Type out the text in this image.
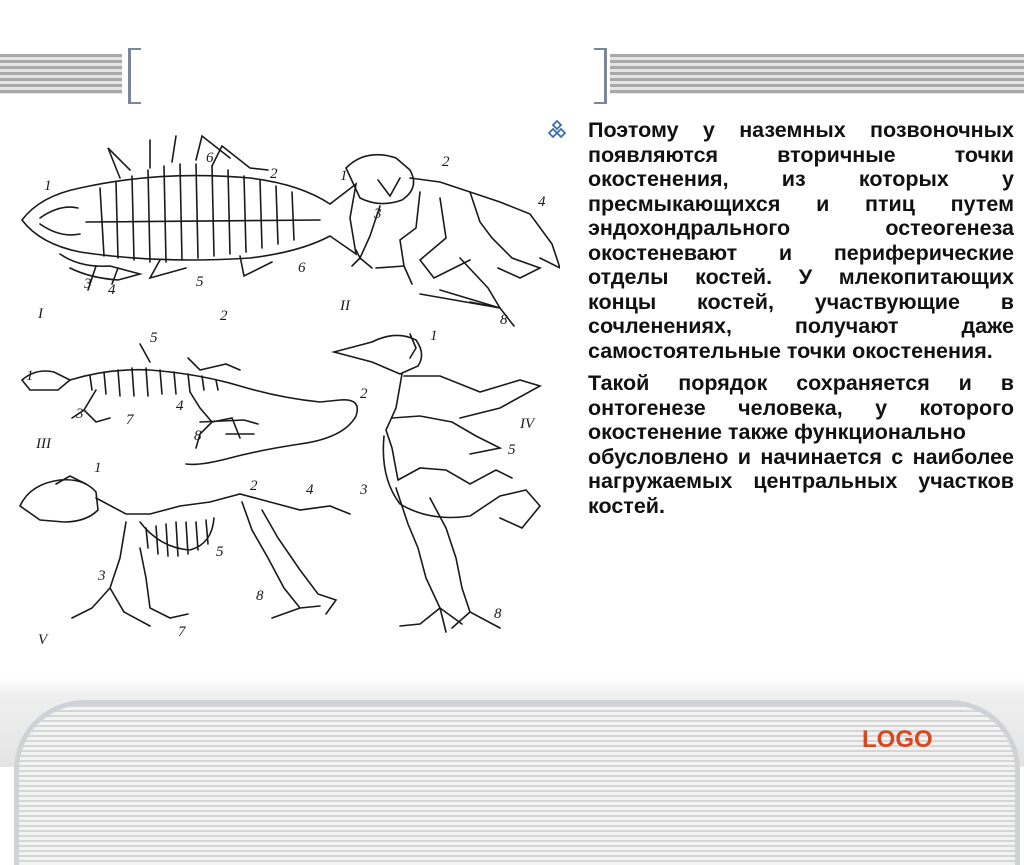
I	II
III
IV
V
1
2
3 4	5
6
6
1
2
3
4
8
1
2
3	4
5
7
8
1
2
3
5
8
1
2
3
4
5
7
8
Поэтому у наземных позвоночных появляются вторичные точки окостенения, из которых у пресмыкающихся и птиц путем эндохондрального остеогенеза окостеневают и периферические отделы костей. У млекопитающих концы костей, участвующие в сочленениях, получают даже самостоятельные точки окостенения.
Такой порядок сохраняется и в онтогенезе человека, у которого окостенение также функционально
обусловлено и начинается с наиболее нагружаемых центральных участков костей.
LOGO
